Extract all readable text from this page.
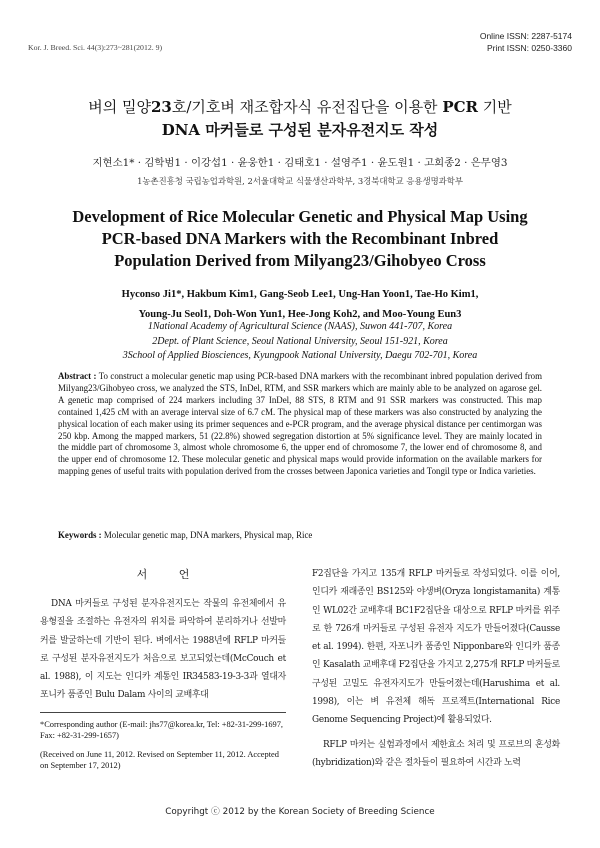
Online ISSN: 2287-5174
Print ISSN: 0250-3360
Kor. J. Breed. Sci. 44(3):273~281(2012. 9)
벼의 밀양23호/기호벼 재조합자식 유전집단을 이용한 PCR 기반
DNA 마커들로 구성된 분자유전지도 작성
지현소1* · 김학범1 · 이강섭1 · 윤웅한1 · 김태호1 · 설영주1 · 윤도원1 · 고희종2 · 은무영3
1농촌진흥청 국립농업과학원, 2서울대학교 식물생산과학부, 3경북대학교 응용생명과학부
Development of Rice Molecular Genetic and Physical Map Using
PCR-based DNA Markers with the Recombinant Inbred
Population Derived from Milyang23/Gihobyeo Cross
Hyconso Ji1*, Hakbum Kim1, Gang-Seob Lee1, Ung-Han Yoon1, Tae-Ho Kim1,
Young-Ju Seol1, Doh-Won Yun1, Hee-Jong Koh2, and Moo-Young Eun3
1National Academy of Agricultural Science (NAAS), Suwon 441-707, Korea
2Dept. of Plant Science, Seoul National University, Seoul 151-921, Korea
3School of Applied Biosciences, Kyungpook National University, Daegu 702-701, Korea
Abstract : To construct a molecular genetic map using PCR-based DNA markers with the recombinant inbred population derived from Milyang23/Gihobyeo cross, we analyzed the STS, InDel, RTM, and SSR markers which are mainly able to be analyzed on agarose gel. A genetic map comprised of 224 markers including 37 InDel, 88 STS, 8 RTM and 91 SSR markers was constructed. This map contained 1,425 cM with an average interval size of 6.7 cM. The physical map of these markers was also constructed by analyzing the physical location of each maker using its primer sequences and e-PCR program, and the average physical distance per centimorgan was 250 kbp. Among the mapped markers, 51 (22.8%) showed segregation distortion at 5% significance level. They are mainly located in the middle part of chromosome 3, almost whole chromosome 6, the upper end of chromosome 7, the lower end of chromosome 8, and the upper end of chromosome 12. These molecular genetic and physical maps would provide information on the available markers for mapping genes of useful traits with population derived from the crosses between Japonica varieties and Tongil type or Indica varieties.
Keywords : Molecular genetic map, DNA markers, Physical map, Rice
서 언

DNA 마커들로 구성된 분자유전지도는 작물의 유전체에서 유용형질을 조절하는 유전자의 위치를 파악하여 분리하거나 선발마커를 발굴하는데 기반이 된다. 벼에서는 1988년에 RFLP 마커들로 구성된 분자유전지도가 처음으로 보고되었는데(McCouch et al. 1988), 이 지도는 인디카 계통인 IR34583-19-3-3과 열대자포니카 품종인 Bulu Dalam 사이의 교배후대

*Corresponding author (E-mail: jhs77@korea.kr, Tel: +82-31-299-1697, Fax: +82-31-299-1657)

(Received on June 11, 2012. Revised on September 11, 2012. Accepted on September 17, 2012)

F2집단을 가지고 135개 RFLP 마커들로 작성되었다. 이를 이어, 인디카 재래종인 BS125와 야생벼(Oryza longistamanita) 계통인 WL02간 교배후대 BC1F2집단을 대상으로 RFLP 마커를 위주로 한 726개 마커들로 구성된 유전자 지도가 만들어졌다(Causse et al. 1994). 한편, 자포니카 품종인 Nipponbare와 인디카 품종인 Kasalath 교배후대 F2집단을 가지고 2,275개 RFLP 마커들로 구성된 고밀도 유전자지도가 만들어졌는데(Harushima et al. 1998), 이는 벼 유전체 해독 프로젝트(International Rice Genome Sequencing Project)에 활용되었다.

RFLP 마커는 실험과정에서 제한효소 처리 및 프로브의 혼성화(hybridization)와 같은 절차들이 필요하여 시간과 노력

Copyrihgt ⓒ 2012 by the Korean Society of Breeding Science
